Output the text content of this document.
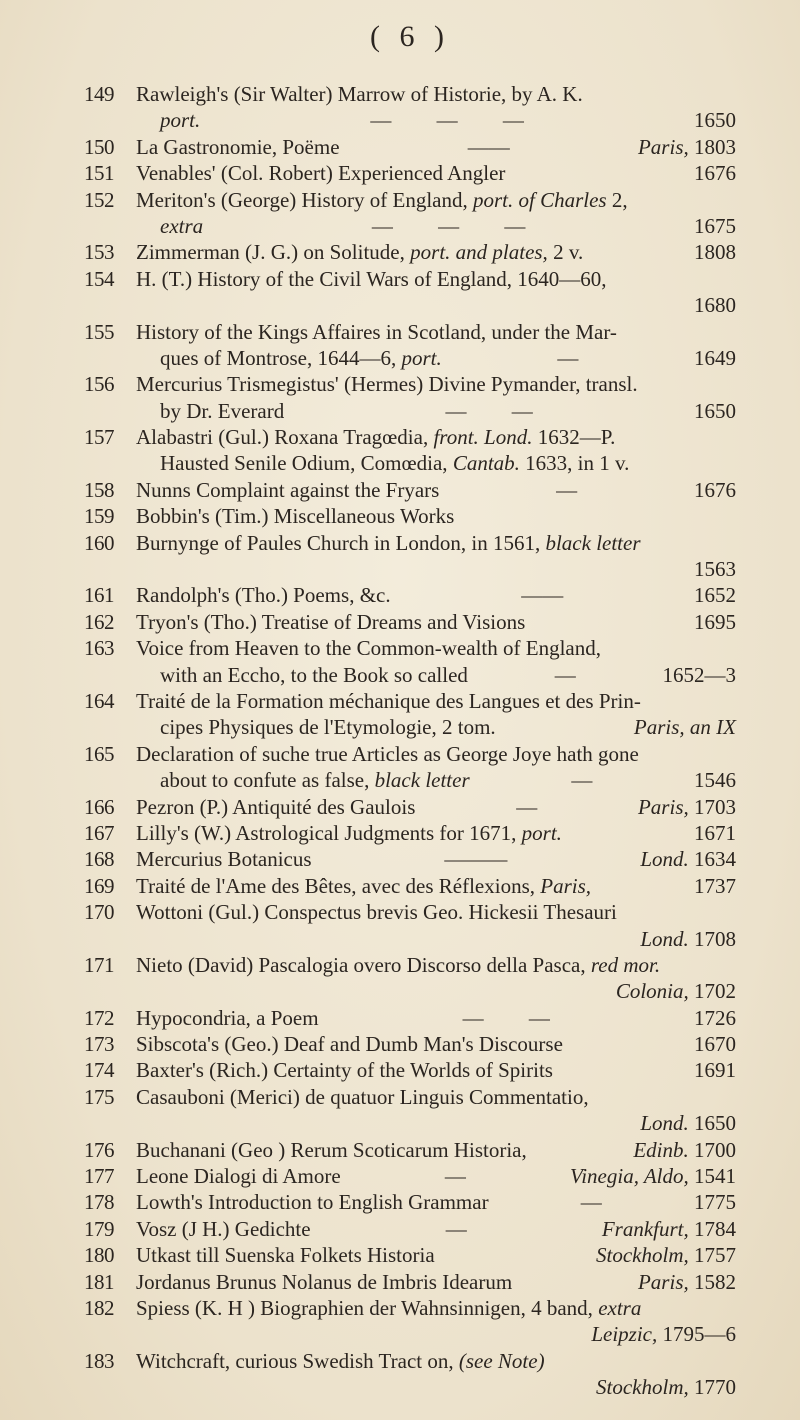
( 6 )
149	Rawleigh's (Sir Walter) Marrow of Historie, by A. K.
port.	— — —	1650
150	La Gastronomie, Poëme	——	Paris, 1803
151	Venables' (Col. Robert) Experienced Angler	1676
152	Meriton's (George) History of England, port. of Charles 2,
extra	— — —	1675
153	Zimmerman (J. G.) on Solitude, port. and plates, 2 v.	1808
154	H. (T.) History of the Civil Wars of England, 1640—60,
1680
155	History of the Kings Affaires in Scotland, under the Mar-
ques of Montrose, 1644—6, port.	—	1649
156	Mercurius Trismegistus' (Hermes) Divine Pymander, transl.
by Dr. Everard	— —	1650
157	Alabastri (Gul.) Roxana Tragœdia, front. Lond. 1632—P.
Hausted Senile Odium, Comœdia, Cantab. 1633, in 1 v.
158	Nunns Complaint against the Fryars	—	1676
159	Bobbin's (Tim.) Miscellaneous Works
160	Burnynge of Paules Church in London, in 1561, black letter
1563
161	Randolph's (Tho.) Poems, &c.	——	1652
162	Tryon's (Tho.) Treatise of Dreams and Visions	1695
163	Voice from Heaven to the Common-wealth of England,
with an Eccho, to the Book so called	—	1652—3
164	Traité de la Formation méchanique des Langues et des Prin-
cipes Physiques de l'Etymologie, 2 tom.	Paris, an IX
165	Declaration of suche true Articles as George Joye hath gone
about to confute as false, black letter	—	1546
166	Pezron (P.) Antiquité des Gaulois	—	Paris, 1703
167	Lilly's (W.) Astrological Judgments for 1671, port.	1671
168	Mercurius Botanicus	———	Lond. 1634
169	Traité de l'Ame des Bêtes, avec des Réflexions, Paris,	1737
170	Wottoni (Gul.) Conspectus brevis Geo. Hickesii Thesauri
Lond. 1708
171	Nieto (David) Pascalogia overo Discorso della Pasca, red mor.
Colonia, 1702
172	Hypocondria, a Poem	— —	1726
173	Sibscota's (Geo.) Deaf and Dumb Man's Discourse	1670
174	Baxter's (Rich.) Certainty of the Worlds of Spirits	1691
175	Casauboni (Merici) de quatuor Linguis Commentatio,
Lond. 1650
176	Buchanani (Geo ) Rerum Scoticarum Historia,	Edinb. 1700
177	Leone Dialogi di Amore	—	Vinegia, Aldo, 1541
178	Lowth's Introduction to English Grammar	—	1775
179	Vosz (J H.) Gedichte	—	Frankfurt, 1784
180	Utkast till Suenska Folkets Historia	Stockholm, 1757
181	Jordanus Brunus Nolanus de Imbris Idearum	Paris, 1582
182	Spiess (K. H ) Biographien der Wahnsinnigen, 4 band, extra
Leipzic, 1795—6
183	Witchcraft, curious Swedish Tract on, (see Note)
Stockholm, 1770
